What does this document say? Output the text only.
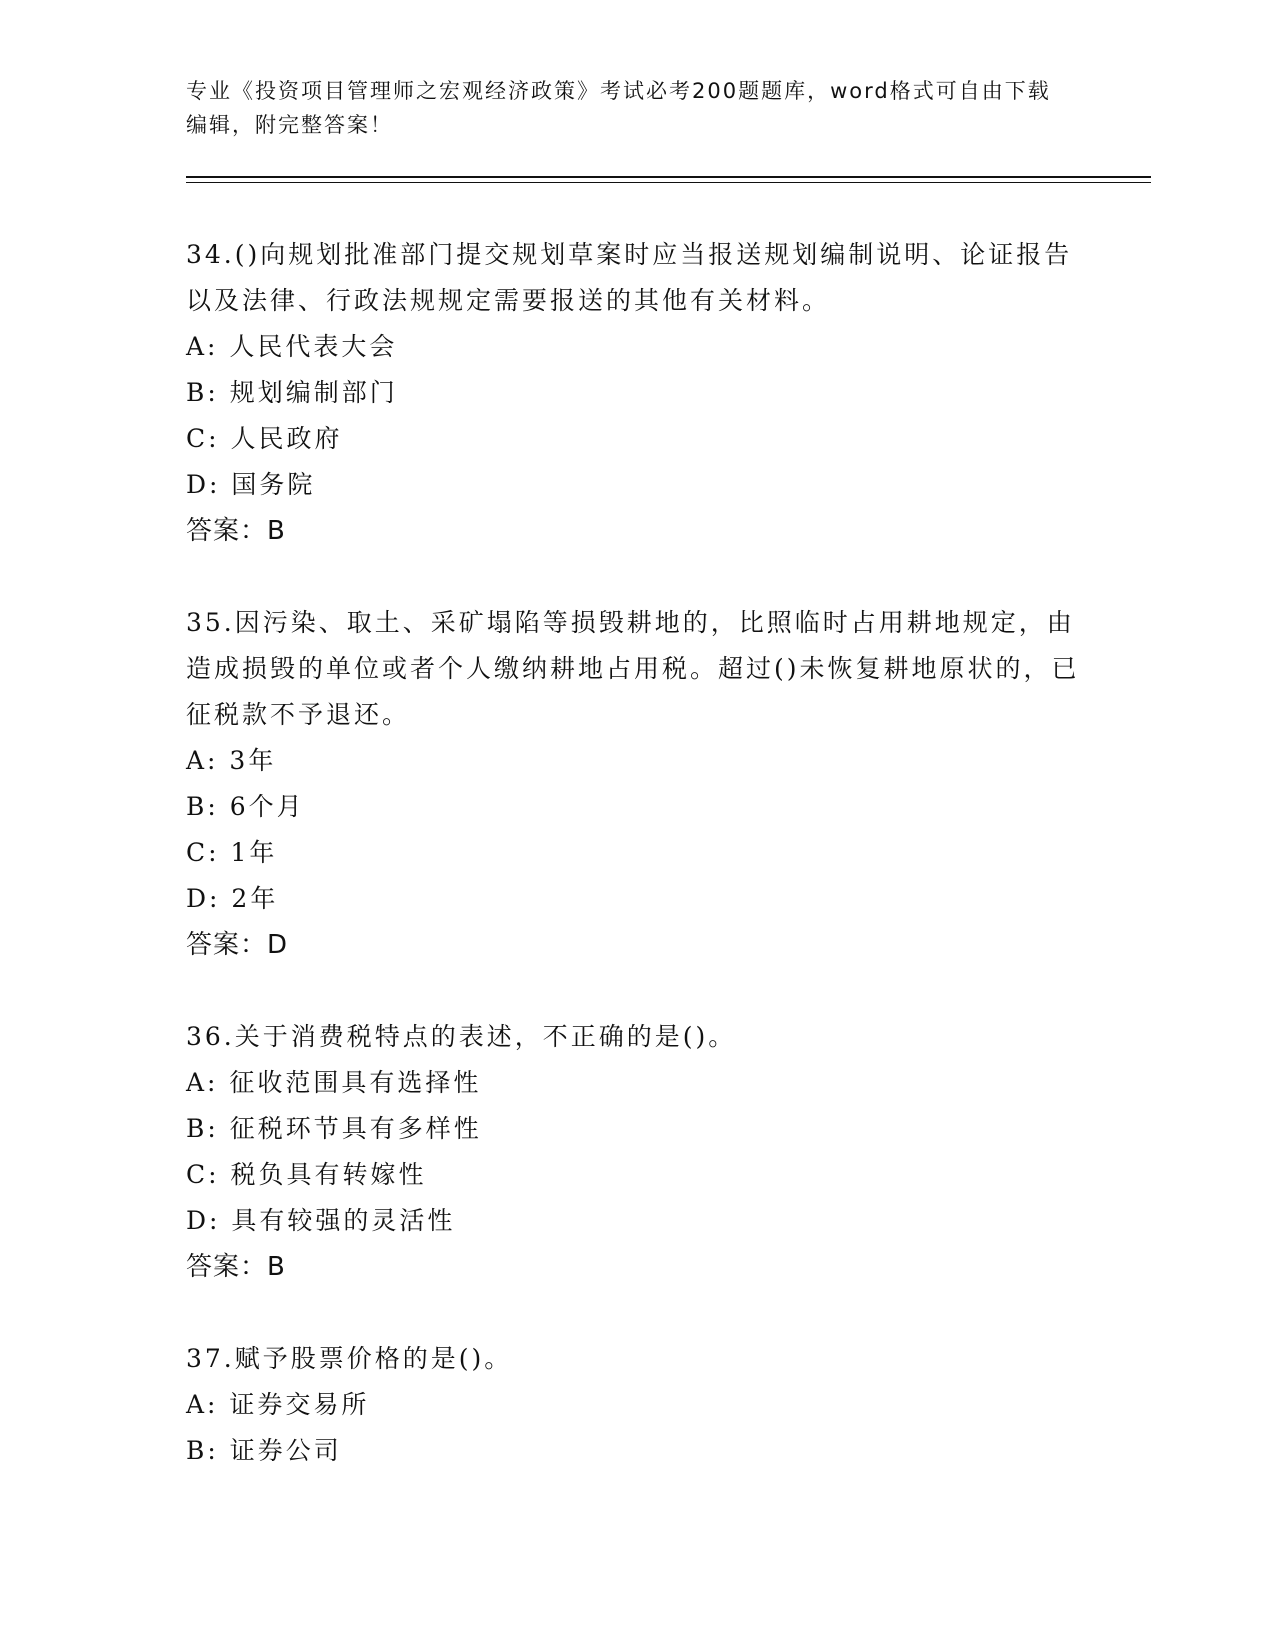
专业《投资项目管理师之宏观经济政策》考试必考200题题库，word格式可自由下载编辑，附完整答案！

34.()向规划批准部门提交规划草案时应当报送规划编制说明、论证报告以及法律、行政法规规定需要报送的其他有关材料。

A: 人民代表大会

B: 规划编制部门

C: 人民政府

D: 国务院

答案：B

35.因污染、取土、采矿塌陷等损毁耕地的，比照临时占用耕地规定，由造成损毁的单位或者个人缴纳耕地占用税。超过()未恢复耕地原状的，已征税款不予退还。

A: 3年

B: 6个月

C: 1年

D: 2年

答案：D

36.关于消费税特点的表述，不正确的是()。

A: 征收范围具有选择性

B: 征税环节具有多样性

C: 税负具有转嫁性

D: 具有较强的灵活性

答案：B

37.赋予股票价格的是()。

A: 证券交易所

B: 证券公司
